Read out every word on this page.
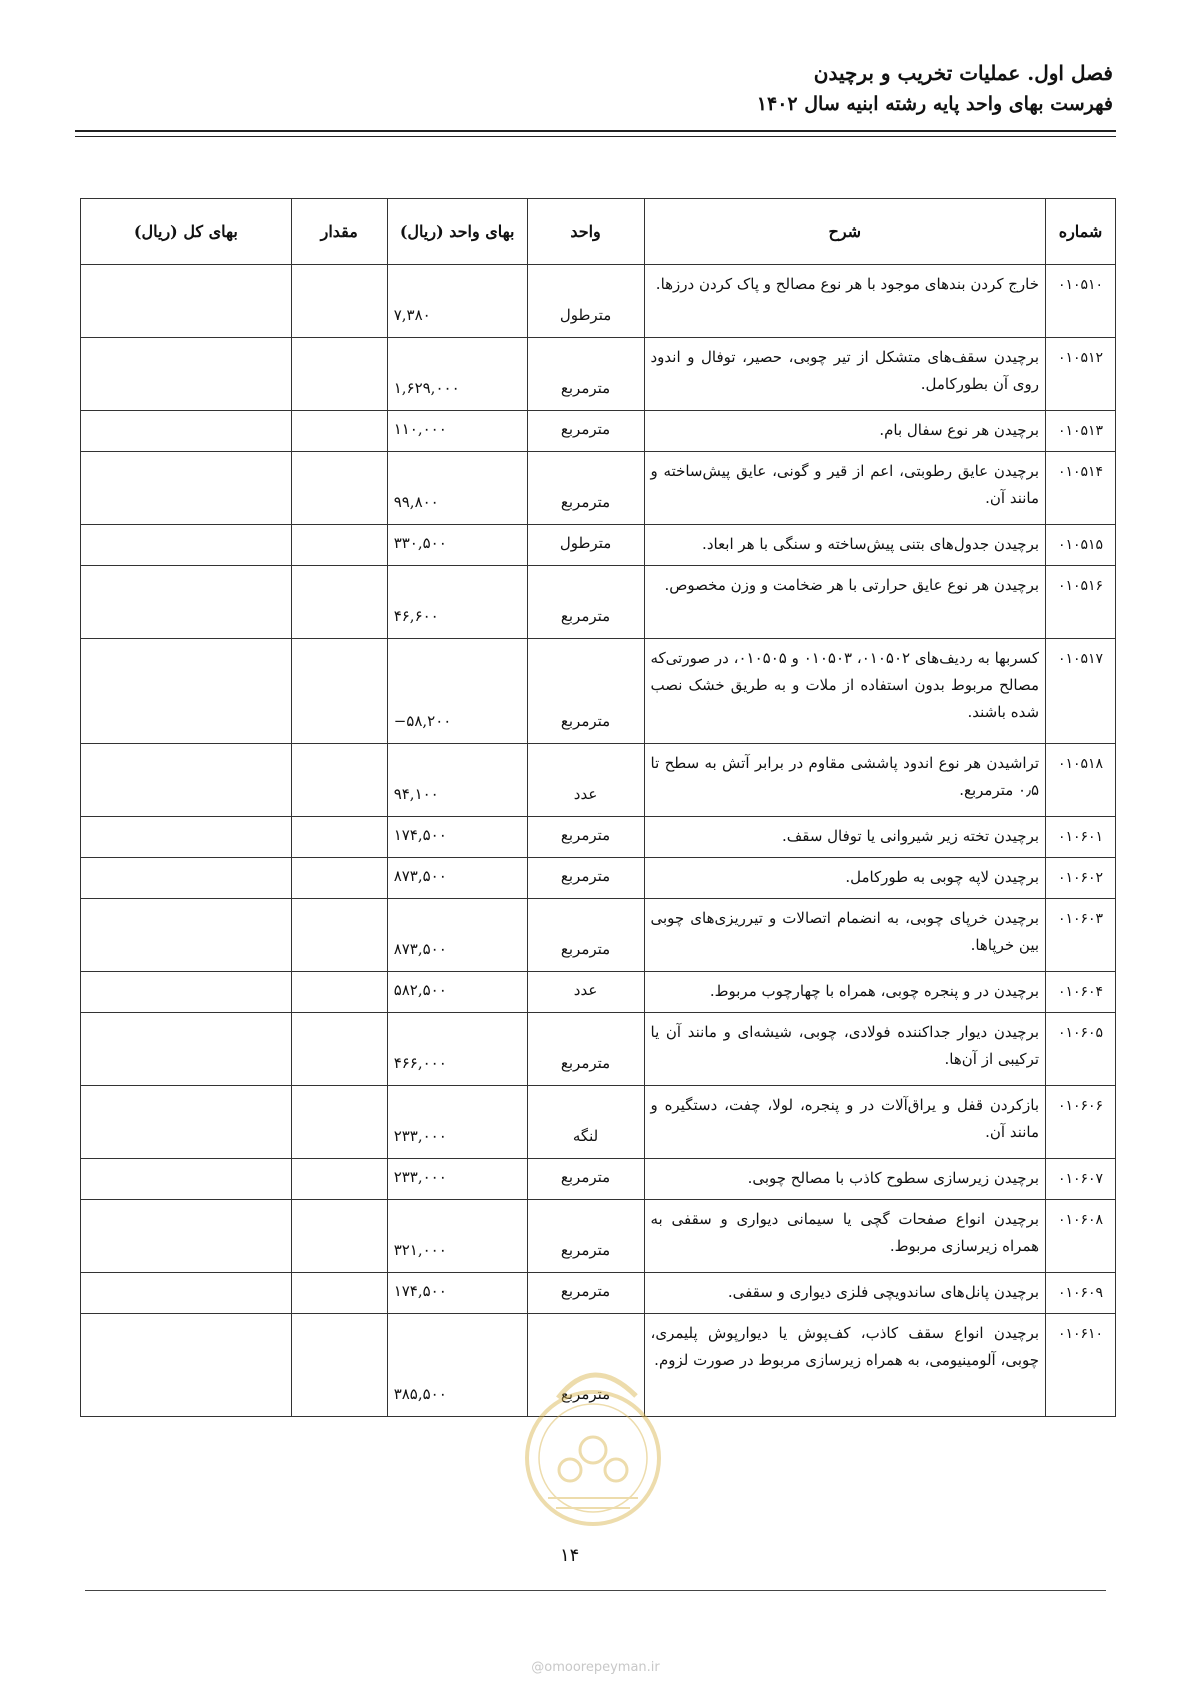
فصل اول. عملیات تخریب و برچیدن
فهرست بهای واحد پایه رشته ابنیه سال ۱۴۰۲
شماره	شرح	واحد	بهای واحد (ریال)	مقدار	بهای کل (ریال)
۰۱۰۵۱۰	خارج کردن بندهای موجود با هر نوع مصالح و پاک کردن درزها.	مترطول	۷,۳۸۰		
۰۱۰۵۱۲	برچیدن سقف‌های متشکل از تیر چوبی، حصیر، توفال و اندود روی آن بطورکامل.	مترمربع	۱,۶۲۹,۰۰۰		
۰۱۰۵۱۳	برچیدن هر نوع سفال بام.	مترمربع	۱۱۰,۰۰۰		
۰۱۰۵۱۴	برچیدن عایق رطوبتی، اعم از قیر و گونی، عایق پیش‌ساخته و مانند آن.	مترمربع	۹۹,۸۰۰		
۰۱۰۵۱۵	برچیدن جدول‌های بتنی پیش‌ساخته و سنگی با هر ابعاد.	مترطول	۳۳۰,۵۰۰		
۰۱۰۵۱۶	برچیدن هر نوع عایق حرارتی با هر ضخامت و وزن مخصوص.	مترمربع	۴۶,۶۰۰		
۰۱۰۵۱۷	کسربها به ردیف‌های ۰۱۰۵۰۲، ۰۱۰۵۰۳ و ۰۱۰۵۰۵، در صورتی‌که مصالح مربوط بدون استفاده از ملات و به طریق خشک نصب شده باشند.	مترمربع	−۵۸,۲۰۰		
۰۱۰۵۱۸	تراشیدن هر نوع اندود پاششی مقاوم در برابر آتش به سطح تا ۰٫۵ مترمربع.	عدد	۹۴,۱۰۰		
۰۱۰۶۰۱	برچیدن تخته زیر شیروانی یا توفال سقف.	مترمربع	۱۷۴,۵۰۰		
۰۱۰۶۰۲	برچیدن لاپه چوبی به طورکامل.	مترمربع	۸۷۳,۵۰۰		
۰۱۰۶۰۳	برچیدن خرپای چوبی، به انضمام اتصالات و تیرریزی‌های چوبی بین خرپاها.	مترمربع	۸۷۳,۵۰۰		
۰۱۰۶۰۴	برچیدن در و پنجره چوبی، همراه با چهارچوب مربوط.	عدد	۵۸۲,۵۰۰		
۰۱۰۶۰۵	برچیدن دیوار جداکننده فولادی، چوبی، شیشه‌ای و مانند آن یا ترکیبی از آن‌ها.	مترمربع	۴۶۶,۰۰۰		
۰۱۰۶۰۶	بازکردن قفل و یراق‌آلات در و پنجره، لولا، چفت، دستگیره و مانند آن.	لنگه	۲۳۳,۰۰۰		
۰۱۰۶۰۷	برچیدن زیرسازی سطوح کاذب با مصالح چوبی.	مترمربع	۲۳۳,۰۰۰		
۰۱۰۶۰۸	برچیدن انواع صفحات گچی یا سیمانی دیواری و سقفی به همراه زیرسازی مربوط.	مترمربع	۳۲۱,۰۰۰		
۰۱۰۶۰۹	برچیدن پانل‌های ساندویچی فلزی دیواری و سقفی.	مترمربع	۱۷۴,۵۰۰		
۰۱۰۶۱۰	برچیدن انواع سقف کاذب، کف‌پوش یا دیوارپوش پلیمری، چوبی، آلومینیومی، به همراه زیرسازی مربوط در صورت لزوم.	مترمربع	۳۸۵,۵۰۰		
۱۴
@omoorepeyman.ir
